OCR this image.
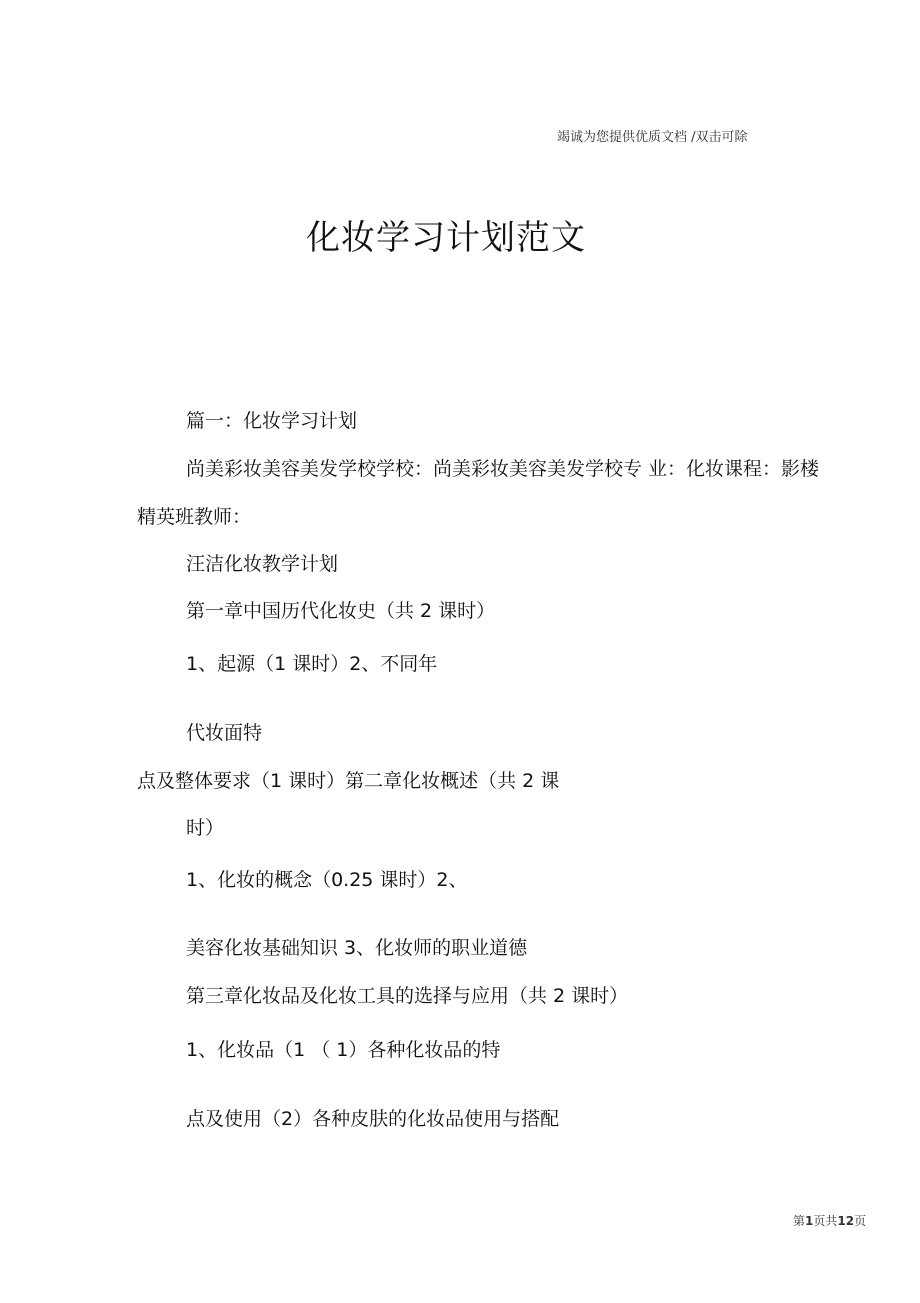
竭诚为您提供优质文档 /双击可除
化妆学习计划范文
篇一：化妆学习计划
尚美彩妆美容美发学校学校：尚美彩妆美容美发学校专 业：化妆课程：影楼
精英班教师：
汪洁化妆教学计划
第一章中国历代化妆史（共 2 课时）
1、起源（1 课时）2、不同年
代妆面特
点及整体要求（1 课时）第二章化妆概述（共 2 课
时）
1、化妆的概念（0.25 课时）2、
美容化妆基础知识 3、化妆师的职业道德
第三章化妆品及化妆工具的选择与应用（共 2 课时）
1、化妆品（1 （ 1）各种化妆品的特
点及使用（2）各种皮肤的化妆品使用与搭配
第1页共12页
